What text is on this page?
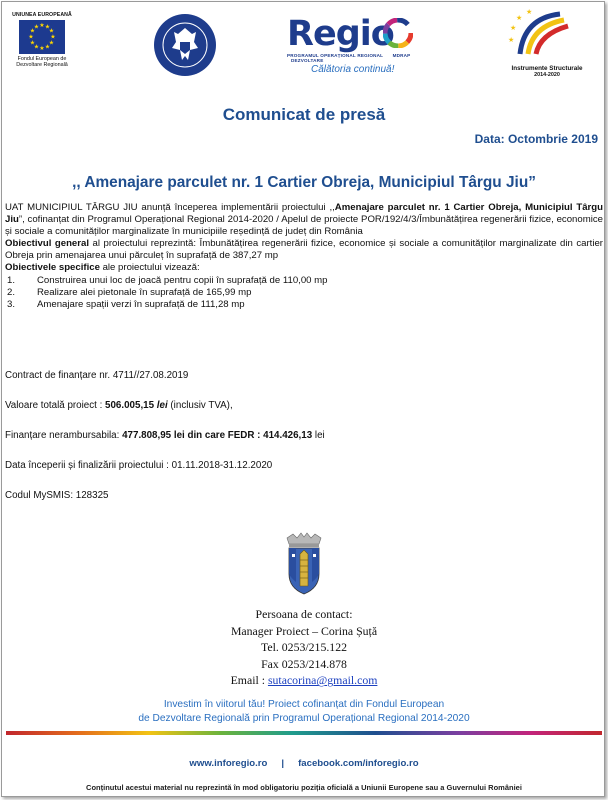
UNIUNEA EUROPEANĂ
★ ★
★
★
★
★
★
★
★
★
★
★
Fondul European de
Dezvoltare Regională
Regio
PROGRAMUL OPERAȚIONAL REGIONAL MDRAP DEZVOLTARE
Călătoria continuă!
★
★
★
★
Instrumente Structurale
2014-2020
Comunicat de presă
Data: Octombrie 2019
,, Amenajare parculet nr. 1 Cartier Obreja, Municipiul Târgu Jiu”

UAT MUNICIPIUL TÂRGU JIU anunță începerea implementării proiectului ,,Amenajare parculet nr. 1 Cartier Obreja, Municipiul Târgu Jiu”, cofinanțat din Programul Operațional Regional 2014-2020 / Apelul de proiecte POR/192/4/3/Îmbunătățirea regenerării fizice, economice și sociale a comunităților marginalizate în municipiile reședință de județ din România

Obiectivul general al proiectului reprezintă: Îmbunătățirea regenerării fizice, economice și sociale a comunităților marginalizate din cartier Obreja prin amenajarea unui părculeț în suprafață de 387,27 mp

Obiectivele specifice ale proiectului vizează:

1. Construirea unui loc de joacă pentru copii în suprafață de 110,00 mp
2. Realizare alei pietonale în suprafață de 165,99 mp
3. Amenajare spații verzi în suprafață de 111,28 mp
Contract de finanțare nr. 4711//27.08.2019
Valoare totală proiect : 506.005,15 lei (inclusiv TVA),
Finanțare nerambursabila: 477.808,95 lei din care FEDR : 414.426,13 lei
Data începerii și finalizării proiectului : 01.11.2018-31.12.2020
Codul MySMIS: 128325
Persoana de contact:
Manager Proiect – Corina Șuță
Tel. 0253/215.122
Fax 0253/214.878
Email : sutacorina@gmail.com
Investim în viitorul tău! Proiect cofinanțat din Fondul European
de Dezvoltare Regională prin Programul Operațional Regional 2014-2020
www.inforegio.ro | facebook.com/inforegio.ro
Conținutul acestui material nu reprezintă în mod obligatoriu poziția oficială a Uniunii Europene sau a Guvernului României
